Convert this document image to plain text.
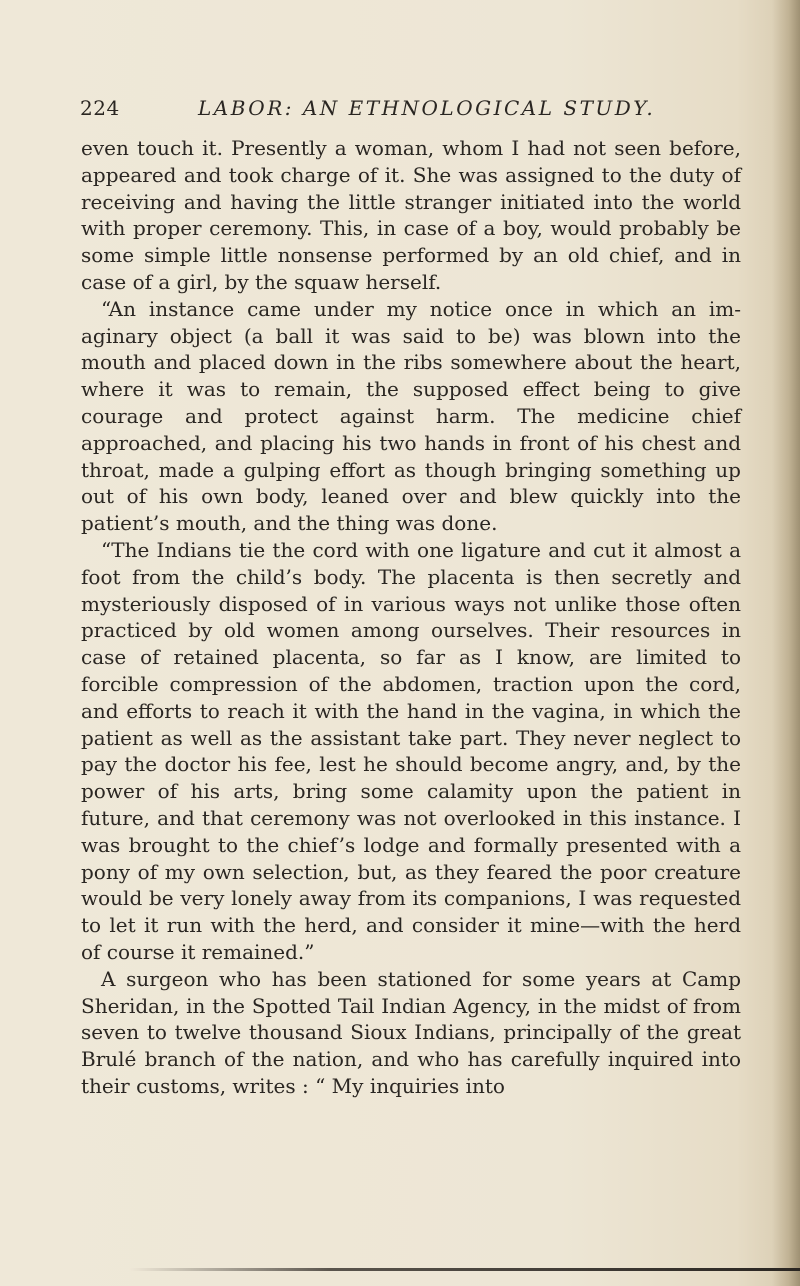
224	LABOR: AN ETHNOLOGICAL STUDY.

even touch it. Presently a woman, whom I had not seen before, appeared and took charge of it. She was assigned to the duty of receiving and having the little stranger initiated into the world with proper ceremony. This, in case of a boy, would probably be some simple little nonsense performed by an old chief, and in case of a girl, by the squaw herself.

“An instance came under my notice once in which an imaginary object (a ball it was said to be) was blown into the mouth and placed down in the ribs somewhere about the heart, where it was to remain, the supposed effect being to give courage and protect against harm. The medicine chief approached, and placing his two hands in front of his chest and throat, made a gulping effort as though bringing something up out of his own body, leaned over and blew quickly into the patient’s mouth, and the thing was done.

“The Indians tie the cord with one ligature and cut it almost a foot from the child’s body. The placenta is then secretly and mysteriously disposed of in various ways not unlike those often practiced by old women among ourselves. Their resources in case of retained placenta, so far as I know, are limited to forcible compression of the abdomen, traction upon the cord, and efforts to reach it with the hand in the vagina, in which the patient as well as the assistant take part. They never neglect to pay the doctor his fee, lest he should become angry, and, by the power of his arts, bring some calamity upon the patient in future, and that ceremony was not overlooked in this instance. I was brought to the chief’s lodge and formally presented with a pony of my own selection, but, as they feared the poor creature would be very lonely away from its companions, I was requested to let it run with the herd, and consider it mine—with the herd of course it remained.”

A surgeon who has been stationed for some years at Camp Sheridan, in the Spotted Tail Indian Agency, in the midst of from seven to twelve thousand Sioux Indians, principally of the great Brulé branch of the nation, and who has carefully inquired into their customs, writes : “ My inquiries into
